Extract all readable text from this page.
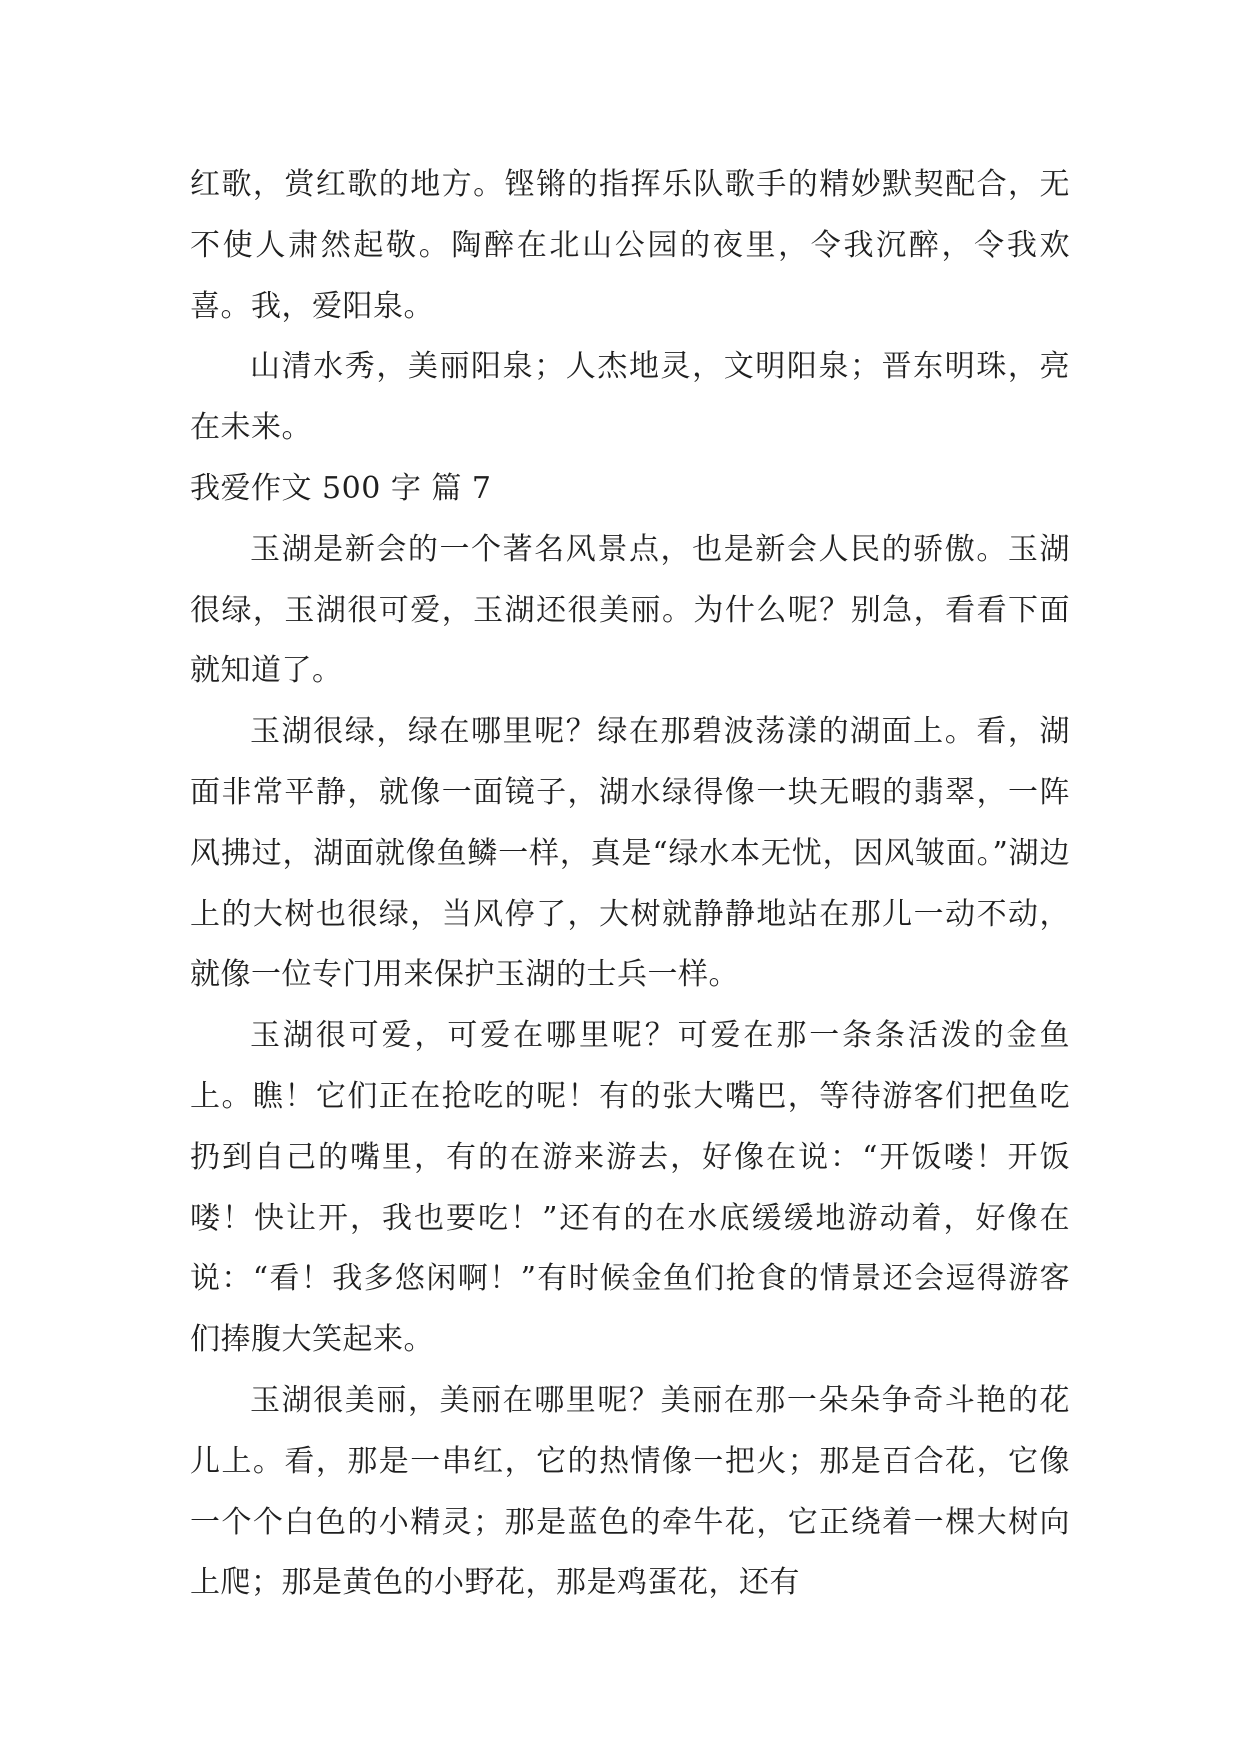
红歌，赏红歌的地方。铿锵的指挥乐队歌手的精妙默契配合，无不使人肃然起敬。陶醉在北山公园的夜里，令我沉醉，令我欢喜。我，爱阳泉。

山清水秀，美丽阳泉；人杰地灵，文明阳泉；晋东明珠，亮在未来。

我爱作文 500 字 篇 7

玉湖是新会的一个著名风景点，也是新会人民的骄傲。玉湖很绿，玉湖很可爱，玉湖还很美丽。为什么呢？别急，看看下面就知道了。

玉湖很绿，绿在哪里呢？绿在那碧波荡漾的湖面上。看，湖面非常平静，就像一面镜子，湖水绿得像一块无暇的翡翠，一阵风拂过，湖面就像鱼鳞一样，真是“绿水本无忧，因风皱面。”湖边上的大树也很绿，当风停了，大树就静静地站在那儿一动不动，就像一位专门用来保护玉湖的士兵一样。

玉湖很可爱，可爱在哪里呢？可爱在那一条条活泼的金鱼上。瞧！它们正在抢吃的呢！有的张大嘴巴，等待游客们把鱼吃扔到自己的嘴里，有的在游来游去，好像在说：“开饭喽！开饭喽！快让开，我也要吃！”还有的在水底缓缓地游动着，好像在说：“看！我多悠闲啊！”有时候金鱼们抢食的情景还会逗得游客们捧腹大笑起来。

玉湖很美丽，美丽在哪里呢？美丽在那一朵朵争奇斗艳的花儿上。看，那是一串红，它的热情像一把火；那是百合花，它像一个个白色的小精灵；那是蓝色的牵牛花，它正绕着一棵大树向上爬；那是黄色的小野花，那是鸡蛋花，还有
